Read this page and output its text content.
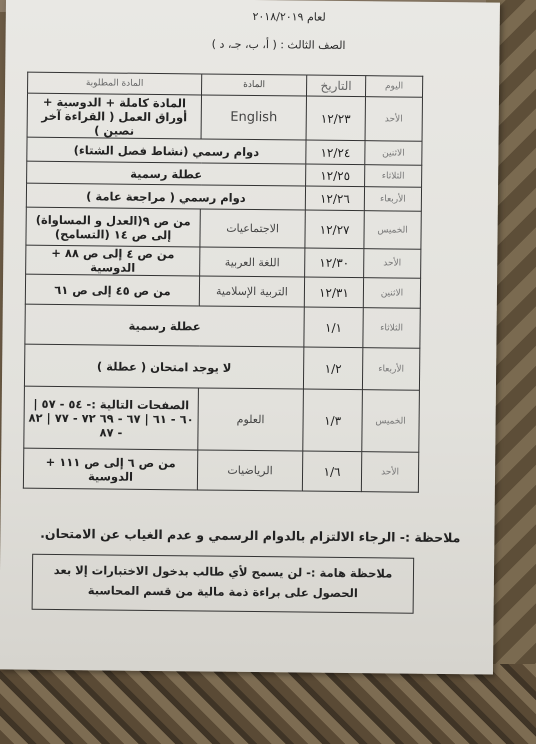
لعام ٢٠١٨/٢٠١٩
الصف الثالث : ( أ، ب، جـ، د )
اليوم	التاريخ	المادة	المادة المطلوبة
الأحد	١٢/٢٣	English	المادة كاملة + الدوسية + أوراق العمل ( القراءة آخر نصين )
الاثنين	١٢/٢٤	دوام رسمي (نشاط فصل الشتاء)	
الثلاثاء	١٢/٢٥	عطلة رسمية	
الأربعاء	١٢/٢٦	دوام رسمي ( مراجعة عامة )	
الخميس	١٢/٢٧	الاجتماعيات	من ص ٩(العدل و المساواة) إلى ص ١٤ (التسامح)
الأحد	١٢/٣٠	اللغة العربية	من ص ٤ إلى ص ٨٨ + الدوسية
الاثنين	١٢/٣١	التربية الإسلامية	من ص ٤٥ إلى ص ٦١
الثلاثاء	١/١	عطلة رسمية	
الأربعاء	١/٢	لا يوجد امتحان ( عطلة )	
الخميس	١/٣	العلوم	الصفحات التالية :- ٥٤ - ٥٧ | ٦٠ - ٦١ | ٦٧ - ٦٩ ٧٢ - ٧٧ | ٨٢ - ٨٧
الأحد	١/٦	الرياضيات	من ص ٦ إلى ص ١١١ + الدوسية
ملاحظة :- الرجاء الالتزام بالدوام الرسمي و عدم الغياب عن الامتحان.
ملاحظة هامة :- لن يسمح لأي طالب بدخول الاختبارات إلا بعد
الحصول على براءة ذمة مالية من قسم المحاسبة
